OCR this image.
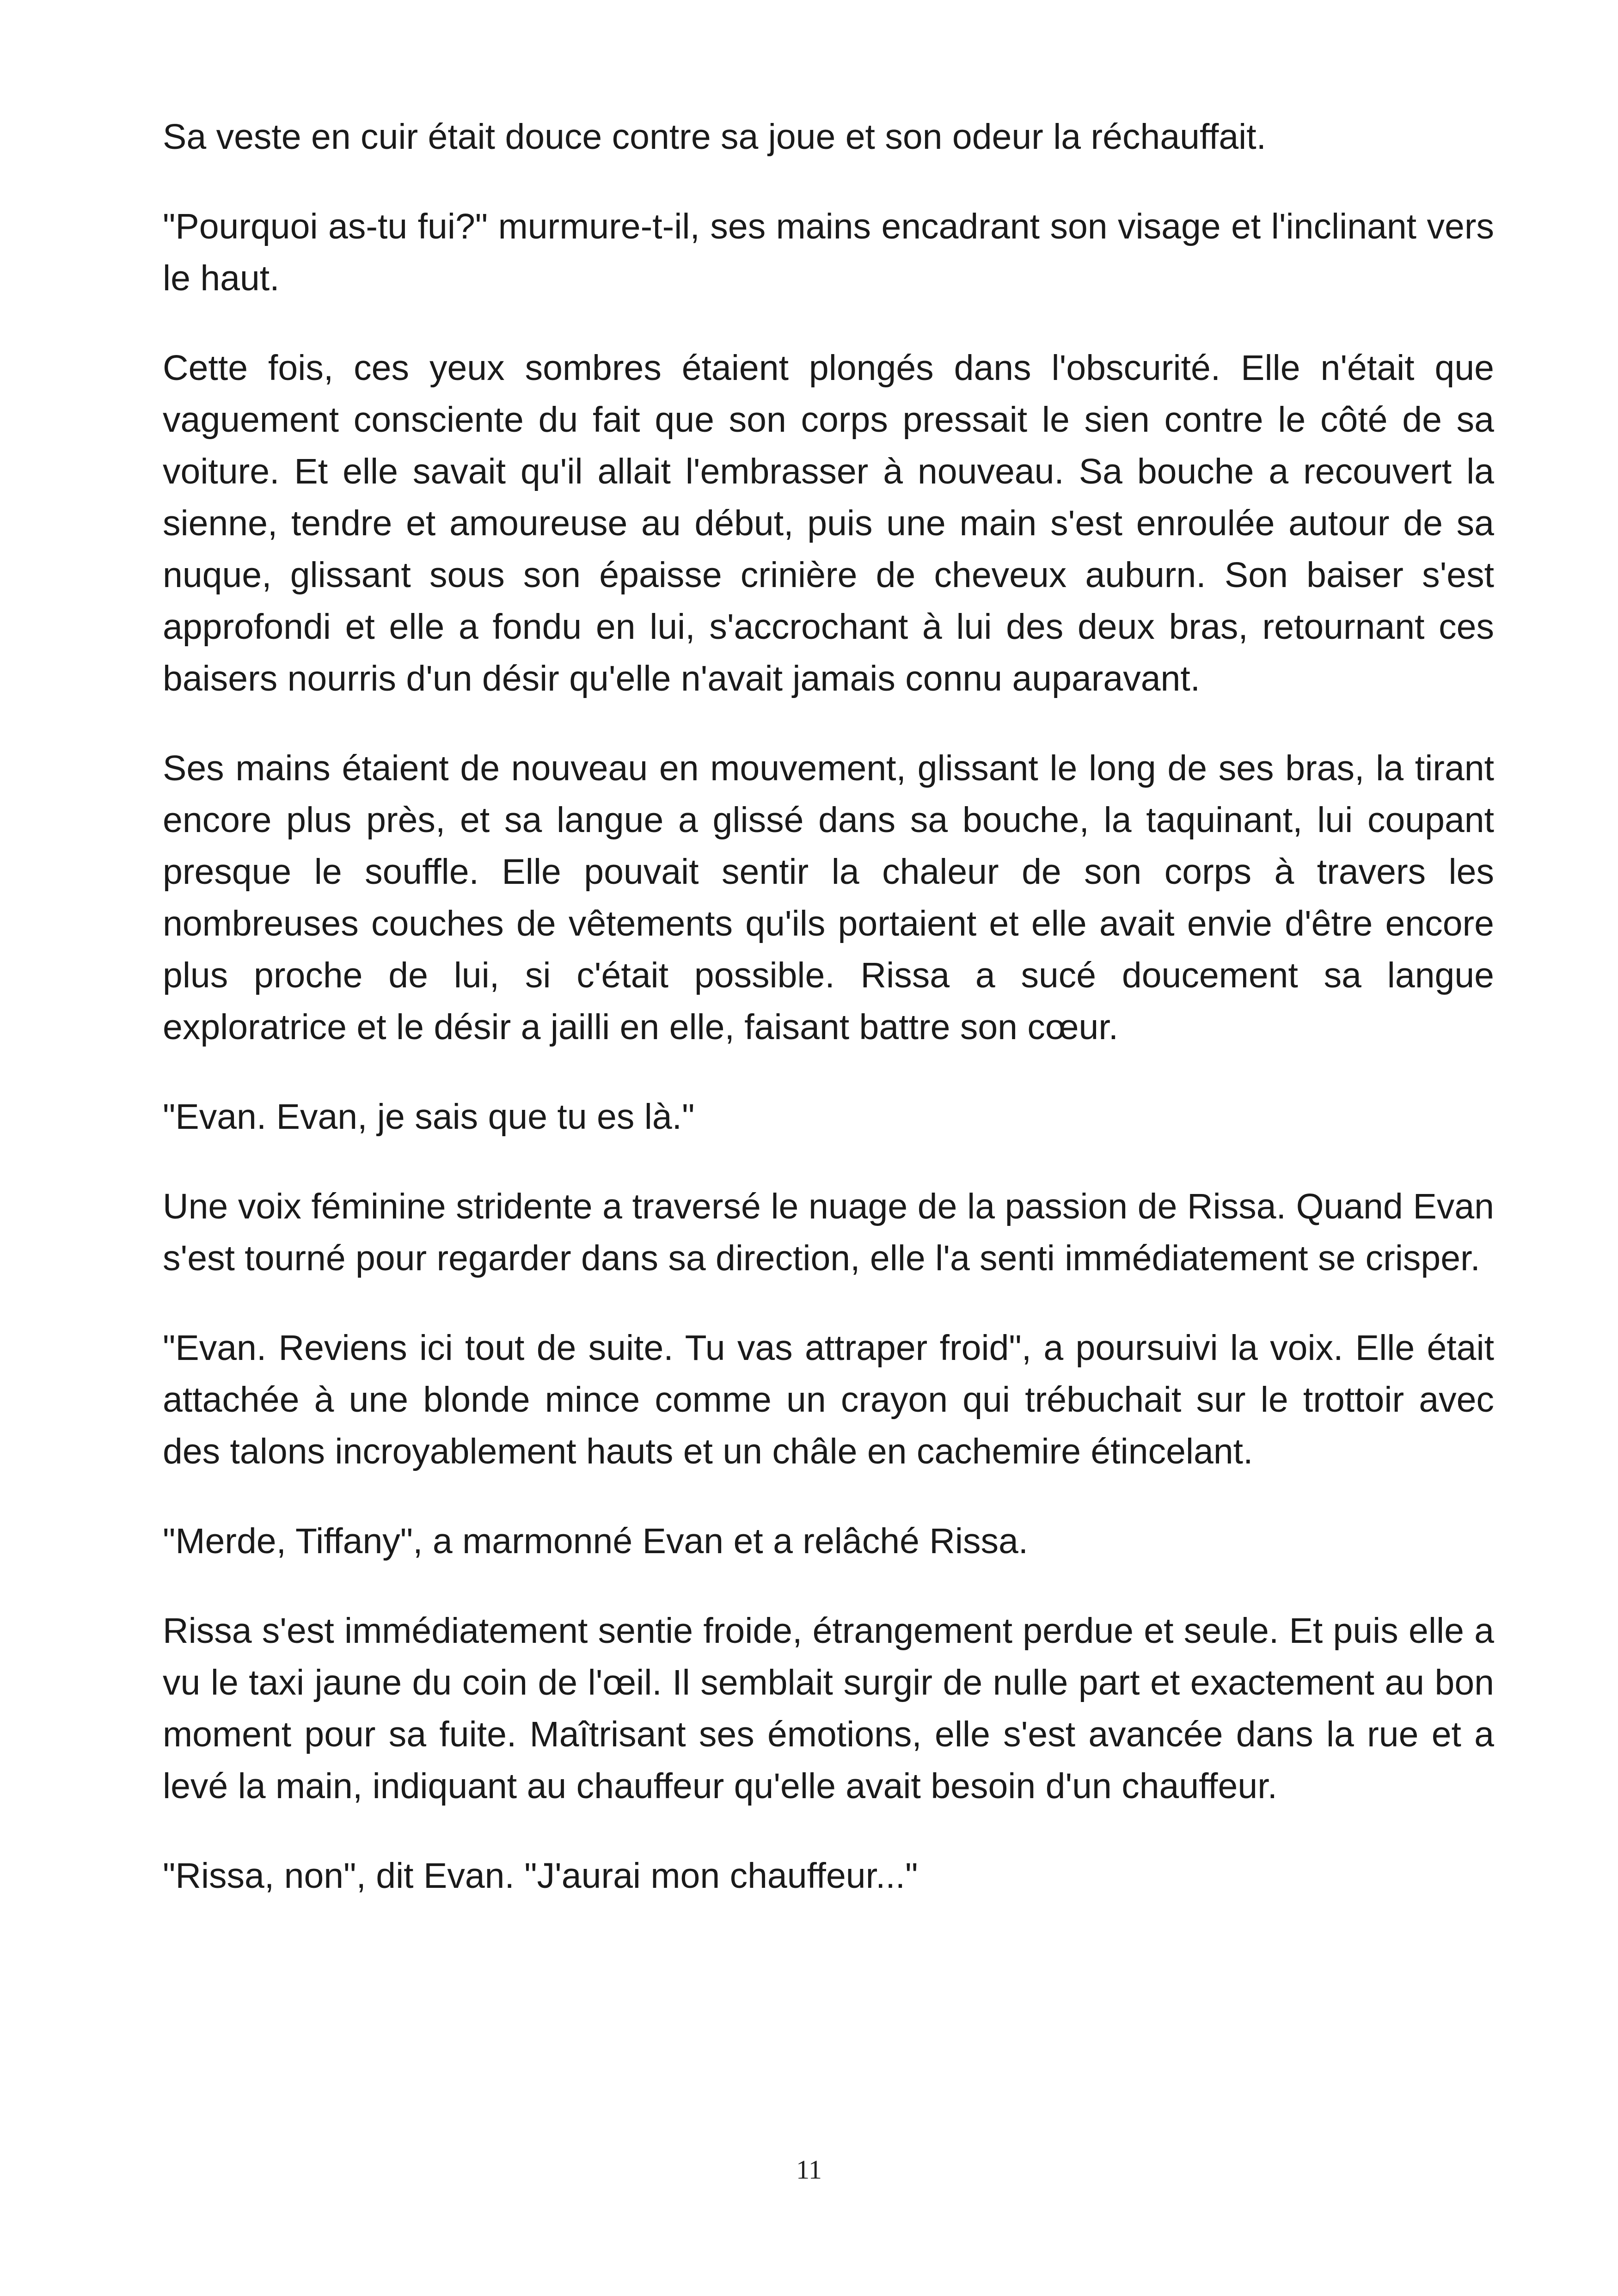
Sa veste en cuir était douce contre sa joue et son odeur la réchauffait.

"Pourquoi as-tu fui?" murmure-t-il, ses mains encadrant son visage et l'inclinant vers le haut.

Cette fois, ces yeux sombres étaient plongés dans l'obscurité. Elle n'était que vaguement consciente du fait que son corps pressait le sien contre le côté de sa voiture. Et elle savait qu'il allait l'embrasser à nouveau. Sa bouche a recouvert la sienne, tendre et amoureuse au début, puis une main s'est enroulée autour de sa nuque, glissant sous son épaisse crinière de cheveux auburn. Son baiser s'est approfondi et elle a fondu en lui, s'accrochant à lui des deux bras, retournant ces baisers nourris d'un désir qu'elle n'avait jamais connu auparavant.

Ses mains étaient de nouveau en mouvement, glissant le long de ses bras, la tirant encore plus près, et sa langue a glissé dans sa bouche, la taquinant, lui coupant presque le souffle. Elle pouvait sentir la chaleur de son corps à travers les nombreuses couches de vêtements qu'ils portaient et elle avait envie d'être encore plus proche de lui, si c'était possible. Rissa a sucé doucement sa langue exploratrice et le désir a jailli en elle, faisant battre son cœur.

"Evan. Evan, je sais que tu es là."

Une voix féminine stridente a traversé le nuage de la passion de Rissa. Quand Evan s'est tourné pour regarder dans sa direction, elle l'a senti immédiatement se crisper.

"Evan. Reviens ici tout de suite. Tu vas attraper froid", a poursuivi la voix. Elle était attachée à une blonde mince comme un crayon qui trébuchait sur le trottoir avec des talons incroyablement hauts et un châle en cachemire étincelant.

"Merde, Tiffany", a marmonné Evan et a relâché Rissa.

Rissa s'est immédiatement sentie froide, étrangement perdue et seule. Et puis elle a vu le taxi jaune du coin de l'œil. Il semblait surgir de nulle part et exactement au bon moment pour sa fuite. Maîtrisant ses émotions, elle s'est avancée dans la rue et a levé la main, indiquant au chauffeur qu'elle avait besoin d'un chauffeur.

"Rissa, non", dit Evan. "J'aurai mon chauffeur..."

11
